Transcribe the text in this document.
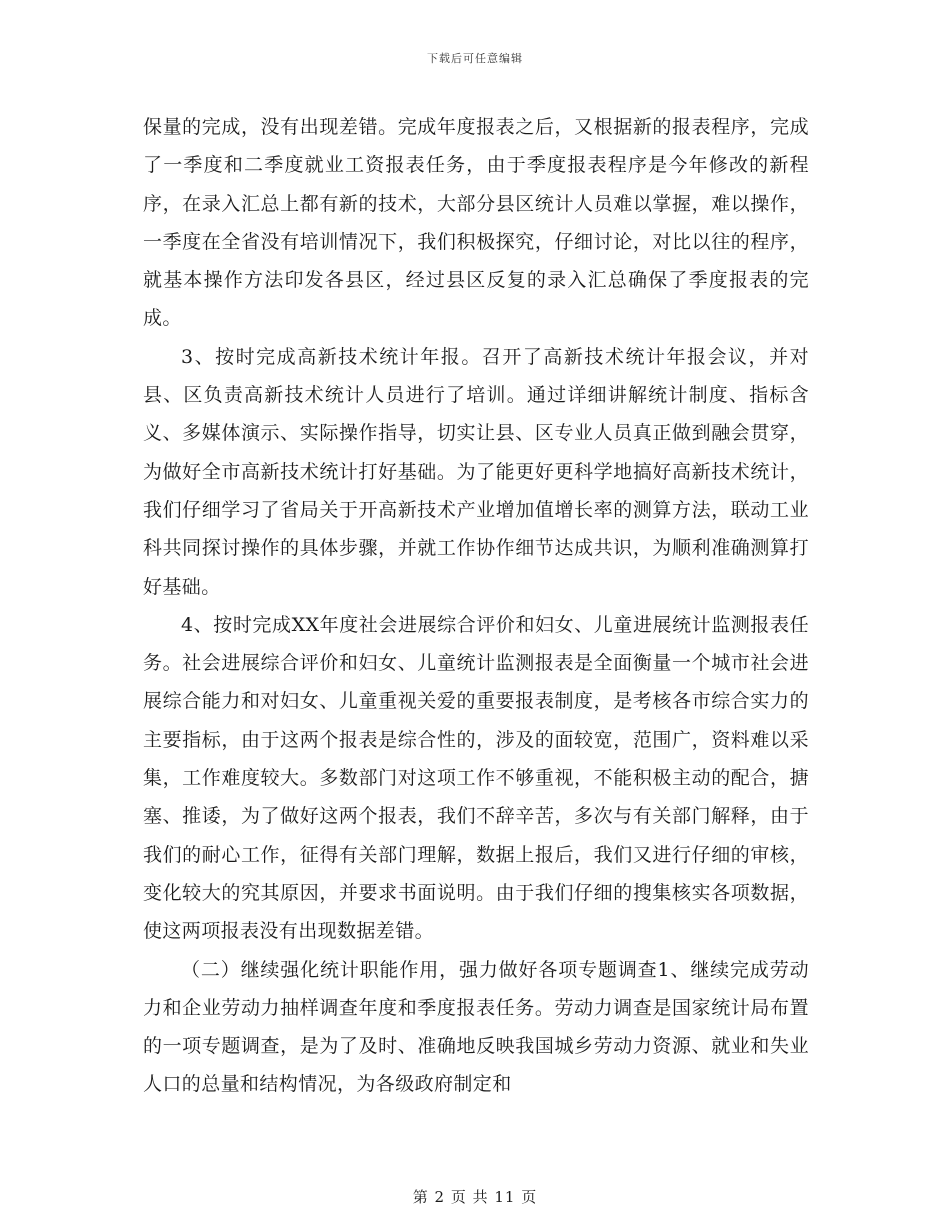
下载后可任意编辑

保量的完成，没有出现差错。完成年度报表之后，又根据新的报表程序，完成了一季度和二季度就业工资报表任务，由于季度报表程序是今年修改的新程序，在录入汇总上都有新的技术，大部分县区统计人员难以掌握，难以操作，一季度在全省没有培训情况下，我们积极探究，仔细讨论，对比以往的程序，就基本操作方法印发各县区，经过县区反复的录入汇总确保了季度报表的完成。

3、按时完成高新技术统计年报。召开了高新技术统计年报会议，并对县、区负责高新技术统计人员进行了培训。通过详细讲解统计制度、指标含义、多媒体演示、实际操作指导，切实让县、区专业人员真正做到融会贯穿，为做好全市高新技术统计打好基础。为了能更好更科学地搞好高新技术统计，我们仔细学习了省局关于开高新技术产业增加值增长率的测算方法，联动工业科共同探讨操作的具体步骤，并就工作协作细节达成共识，为顺利准确测算打好基础。

4、按时完成XX年度社会进展综合评价和妇女、儿童进展统计监测报表任务。社会进展综合评价和妇女、儿童统计监测报表是全面衡量一个城市社会进展综合能力和对妇女、儿童重视关爱的重要报表制度，是考核各市综合实力的主要指标，由于这两个报表是综合性的，涉及的面较宽，范围广，资料难以采集，工作难度较大。多数部门对这项工作不够重视，不能积极主动的配合，搪塞、推诿，为了做好这两个报表，我们不辞辛苦，多次与有关部门解释，由于我们的耐心工作，征得有关部门理解，数据上报后，我们又进行仔细的审核，变化较大的究其原因，并要求书面说明。由于我们仔细的搜集核实各项数据，使这两项报表没有出现数据差错。

（二）继续强化统计职能作用，强力做好各项专题调查1、继续完成劳动力和企业劳动力抽样调查年度和季度报表任务。劳动力调查是国家统计局布置的一项专题调查，是为了及时、准确地反映我国城乡劳动力资源、就业和失业人口的总量和结构情况，为各级政府制定和

第 2 页 共 11 页
